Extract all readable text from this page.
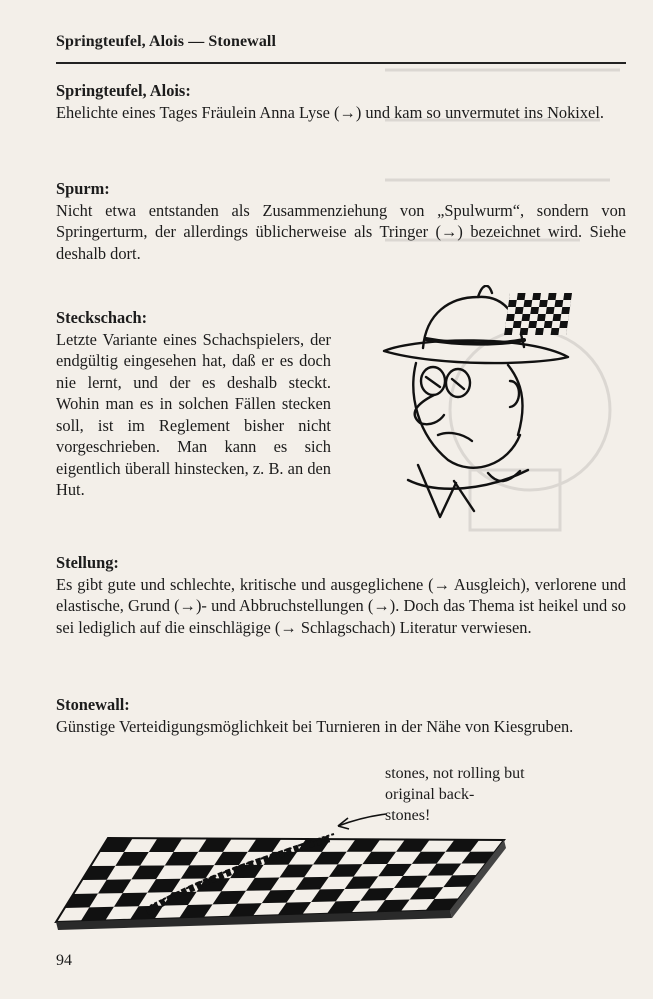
Springteufel, Alois — Stonewall
Springteufel, Alois:
Ehelichte eines Tages Fräulein Anna Lyse (→) und kam so unvermutet ins Nokixel.
Spurm:
Nicht etwa entstanden als Zusammenziehung von „Spulwurm“, sondern von Springerturm, der allerdings üblicherweise als Tringer (→) bezeichnet wird. Siehe deshalb dort.
Steckschach:
Letzte Variante eines Schachspielers, der endgültig eingesehen hat, daß er es doch nie lernt, und der es deshalb steckt. Wohin man es in solchen Fällen stecken soll, ist im Reglement bisher nicht vorgeschrieben. Man kann es sich eigentlich überall hinstecken, z. B. an den Hut.
Stellung:
Es gibt gute und schlechte, kritische und ausgeglichene (→ Ausgleich), verlorene und elastische, Grund (→)- und Abbruchstellungen (→). Doch das Thema ist heikel und so sei lediglich auf die einschlägige (→ Schlagschach) Literatur verwiesen.
Stonewall:
Günstige Verteidigungsmöglichkeit bei Turnieren in der Nähe von Kiesgruben.
stones, not rolling but
original back-
stones!
94
